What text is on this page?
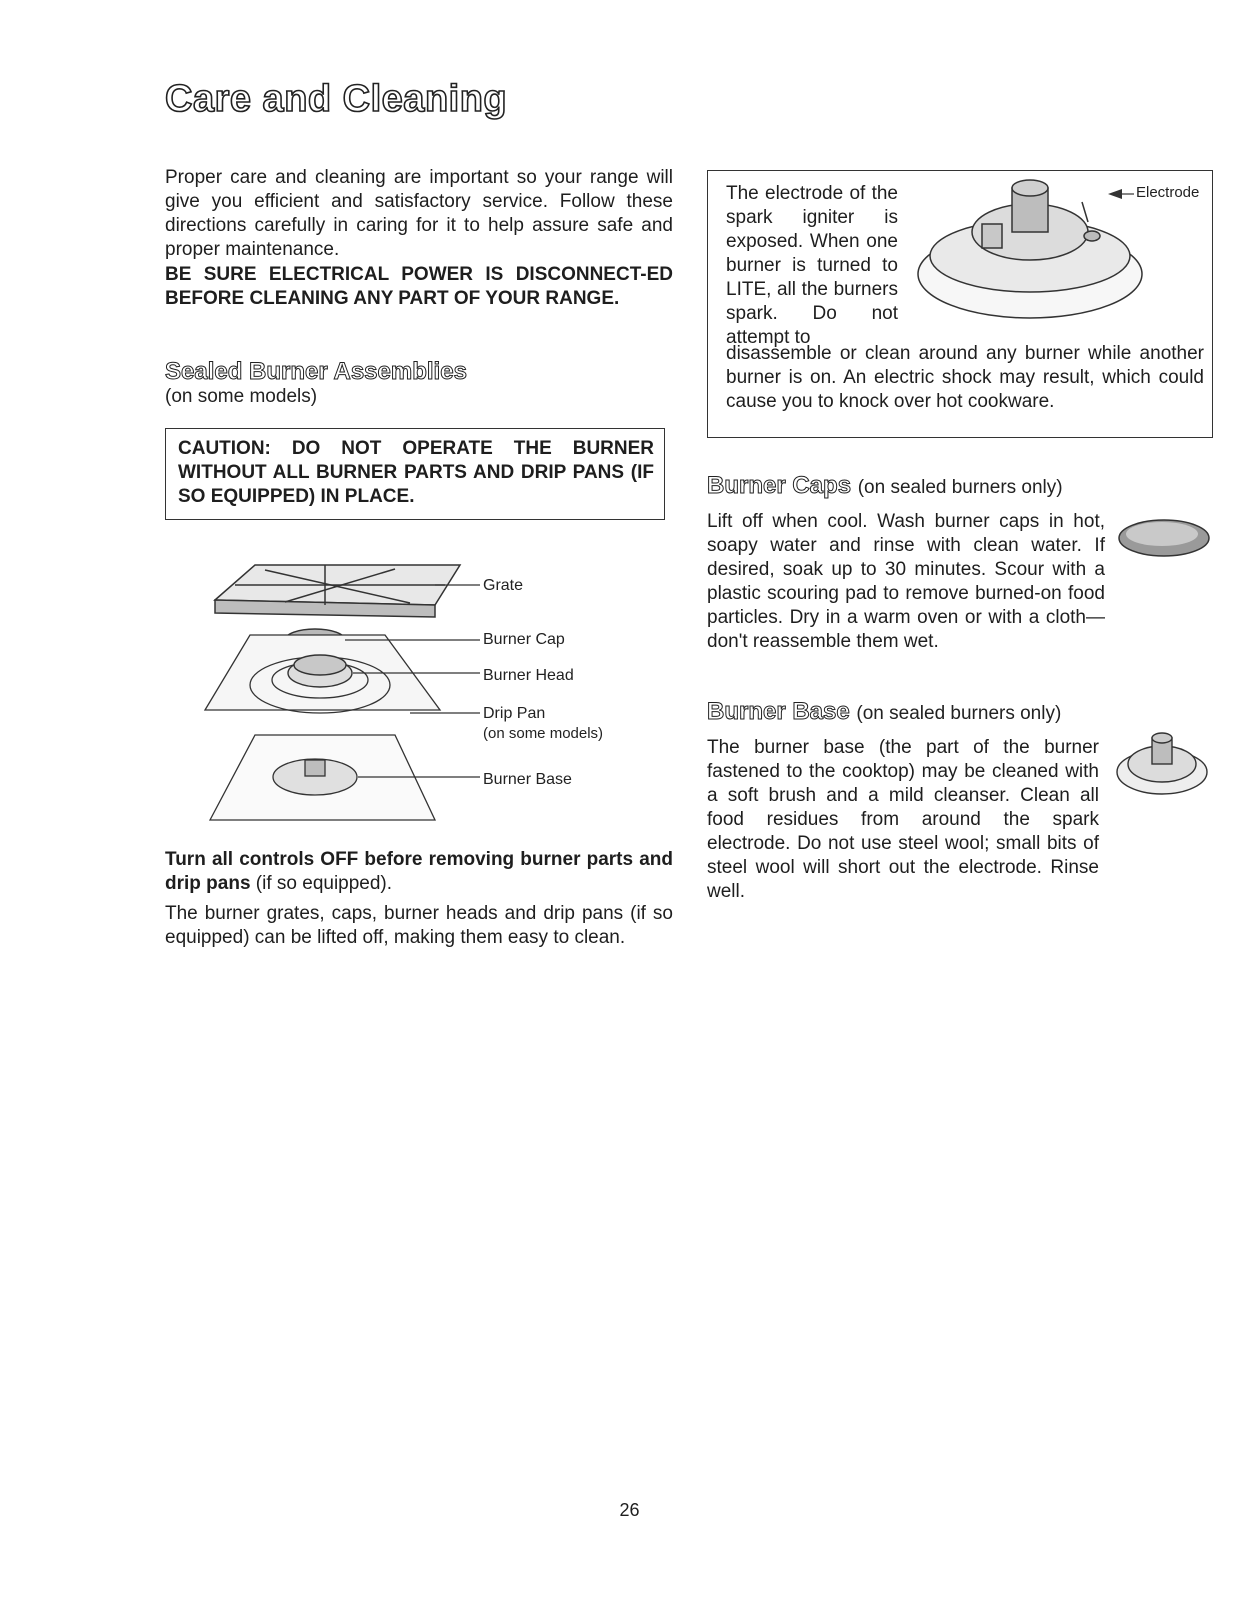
Care and Cleaning
Proper care and cleaning are important so your range will give you efficient and satisfactory service. Follow these directions carefully in caring for it to help assure safe and proper maintenance.
BE SURE ELECTRICAL POWER IS DISCONNECT-ED BEFORE CLEANING ANY PART OF YOUR RANGE.
Sealed Burner Assemblies
(on some models)
CAUTION: DO NOT OPERATE THE BURNER WITHOUT ALL BURNER PARTS AND DRIP PANS (IF SO EQUIPPED) IN PLACE.
Grate
Burner Cap
Burner Head
Drip Pan
(on some models)
Burner Base
Turn all controls OFF before removing burner parts and drip pans (if so equipped).
The burner grates, caps, burner heads and drip pans (if so equipped) can be lifted off, making them easy to clean.
The electrode of the spark igniter is exposed. When one burner is turned to LITE, all the burners spark. Do not attempt to
disassemble or clean around any burner while another burner is on. An electric shock may result, which could cause you to knock over hot cookware.
Electrode
Burner Caps (on sealed burners only)
Lift off when cool. Wash burner caps in hot, soapy water and rinse with clean water. If desired, soak up to 30 minutes. Scour with a plastic scouring pad to remove burned-on food particles. Dry in a warm oven or with a cloth—don't reassemble them wet.
Burner Base (on sealed burners only)
The burner base (the part of the burner fastened to the cooktop) may be cleaned with a soft brush and a mild cleanser. Clean all food residues from around the spark electrode. Do not use steel wool; small bits of steel wool will short out the electrode. Rinse well.
26
